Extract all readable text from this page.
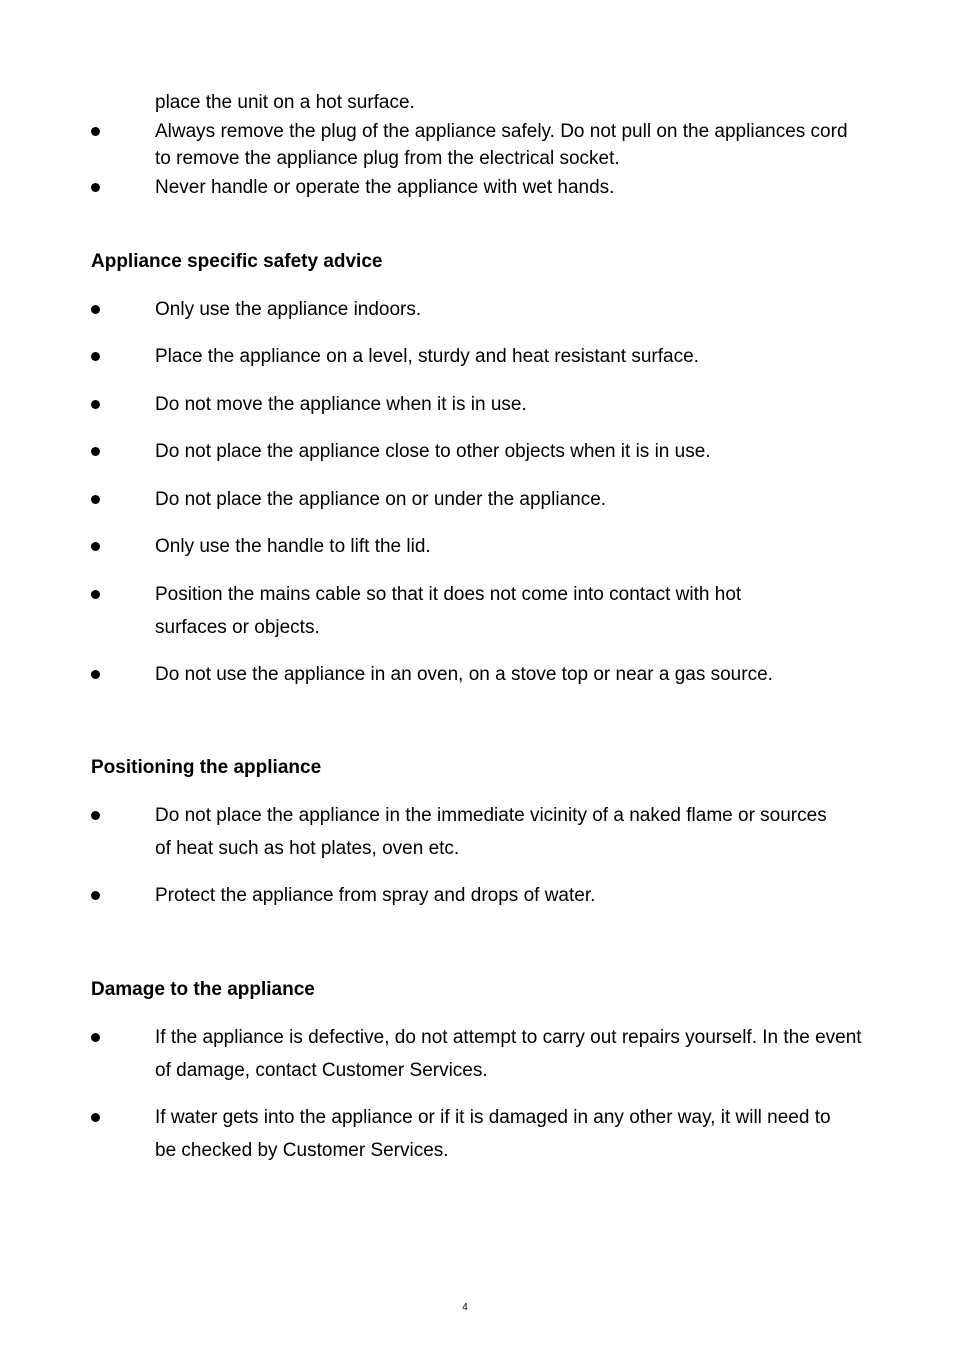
place the unit on a hot surface.
Always remove the plug of the appliance safely. Do not pull on the appliances cord to remove the appliance plug from the electrical socket.
Never handle or operate the appliance with wet hands.
Appliance specific safety advice
Only use the appliance indoors.
Place the appliance on a level, sturdy and heat resistant surface.
Do not move the appliance when it is in use.
Do not place the appliance close to other objects when it is in use.
Do not place the appliance on or under the appliance.
Only use the handle to lift the lid.
Position the mains cable so that it does not come into contact with hot surfaces or objects.
Do not use the appliance in an oven, on a stove top or near a gas source.
Positioning the appliance
Do not place the appliance in the immediate vicinity of a naked flame or sources of heat such as hot plates, oven etc.
Protect the appliance from spray and drops of water.
Damage to the appliance
If the appliance is defective, do not attempt to carry out repairs yourself. In the event of damage, contact Customer Services.
If water gets into the appliance or if it is damaged in any other way, it will need to be checked by Customer Services.
4
